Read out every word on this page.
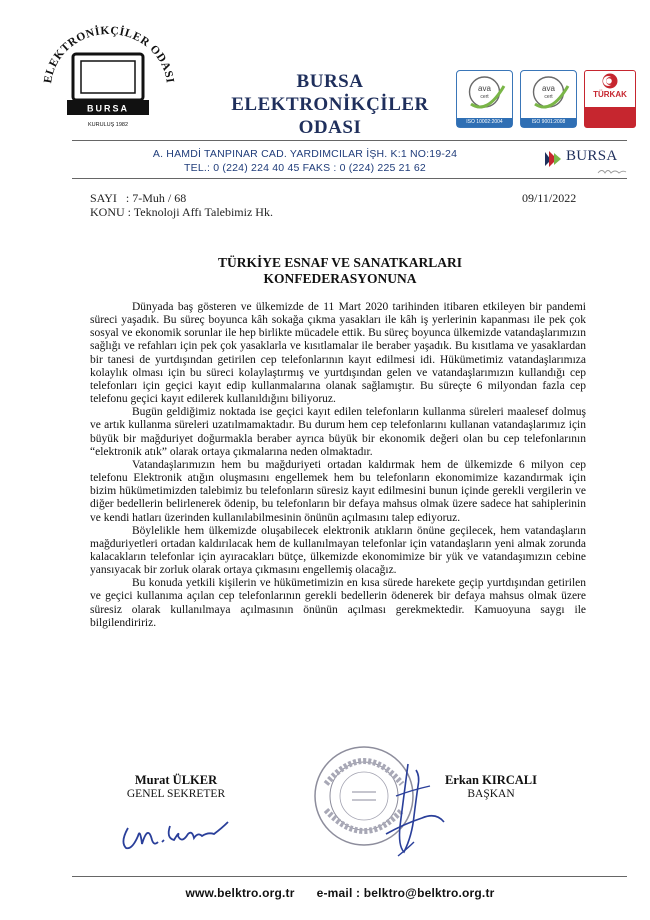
ELEKTRONİKÇİLER ODASI
BURSA
KURULUŞ 1982
BURSA
ELEKTRONİKÇİLER
ODASI
ava
cert
ISO 10002:2004
ava
cert
ISO 9001:2008
TÜRKAK
A. HAMDİ TANPINAR CAD. YARDIMCILAR İŞH. K:1 NO:19-24
TEL.: 0 (224) 224 40 45 FAKS : 0 (224) 225 21 62
BURSA
SAYI   : 7-Muh / 68
KONU : Teknoloji Affı Talebimiz Hk.
09/11/2022
TÜRKİYE ESNAF VE SANATKARLARI
KONFEDERASYONUNA

Dünyada baş gösteren ve ülkemizde de 11 Mart 2020 tarihinden itibaren etkileyen bir pandemi süreci yaşadık. Bu süreç boyunca kâh sokağa çıkma yasakları ile kâh iş yerlerinin kapanması ile pek çok sosyal ve ekonomik sorunlar ile hep birlikte mücadele ettik. Bu süreç boyunca ülkemizde vatandaşlarımızın sağlığı ve refahları için pek çok yasaklarla ve kısıtlamalar ile beraber yaşadık. Bu kısıtlama ve yasaklardan bir tanesi de yurtdışından getirilen cep telefonlarının kayıt edilmesi idi. Hükümetimiz vatandaşlarımıza kolaylık olması için bu süreci kolaylaştırmış ve yurtdışından gelen ve vatandaşlarımızın kullandığı cep telefonları için geçici kayıt edip kullanmalarına olanak sağlamıştır. Bu süreçte 6 milyondan fazla cep telefonu geçici kayıt edilerek kullanıldığını biliyoruz.

Bugün geldiğimiz noktada ise geçici kayıt edilen telefonların kullanma süreleri maalesef dolmuş ve artık kullanma süreleri uzatılmamaktadır. Bu durum hem cep telefonlarını kullanan vatandaşlarımız için büyük bir mağduriyet doğurmakla beraber ayrıca büyük bir ekonomik değeri olan bu cep telefonlarının “elektronik atık” olarak ortaya çıkmalarına neden olmaktadır.

Vatandaşlarımızın hem bu mağduriyeti ortadan kaldırmak hem de ülkemizde 6 milyon cep telefonu Elektronik atığın oluşmasını engellemek hem bu telefonların ekonomimize kazandırmak için bizim hükümetimizden talebimiz bu telefonların süresiz kayıt edilmesini bunun içinde gerekli vergilerin ve diğer bedellerin belirlenerek ödenip, bu telefonların bir defaya mahsus olmak üzere sadece hat sahiplerinin ve kendi hatları üzerinden kullanılabilmesinin önünün açılmasını talep ediyoruz.

Böylelikle hem ülkemizde oluşabilecek elektronik atıkların önüne geçilecek, hem vatandaşların mağduriyetleri ortadan kaldırılacak hem de kullanılmayan telefonlar için vatandaşların yeni almak zorunda kalacakların telefonlar için ayıracakları bütçe, ülkemizde ekonomimize bir yük ve vatandaşımızın cebine yansıyacak bir zorluk olarak ortaya çıkmasını engellemiş olacağız.

Bu konuda yetkili kişilerin ve hükümetimizin en kısa sürede harekete geçip yurtdışından getirilen ve geçici kullanıma açılan cep telefonlarının gerekli bedellerin ödenerek bir defaya mahsus olmak üzere süresiz olarak kullanılmaya açılmasının önünün açılması gerekmektedir. Kamuoyuna saygı ile bilgilendiririz.

Murat ÜLKER
GENEL SEKRETER
Erkan KIRCALI
BAŞKAN
www.belktro.org.tr e-mail : belktro@belktro.org.tr
